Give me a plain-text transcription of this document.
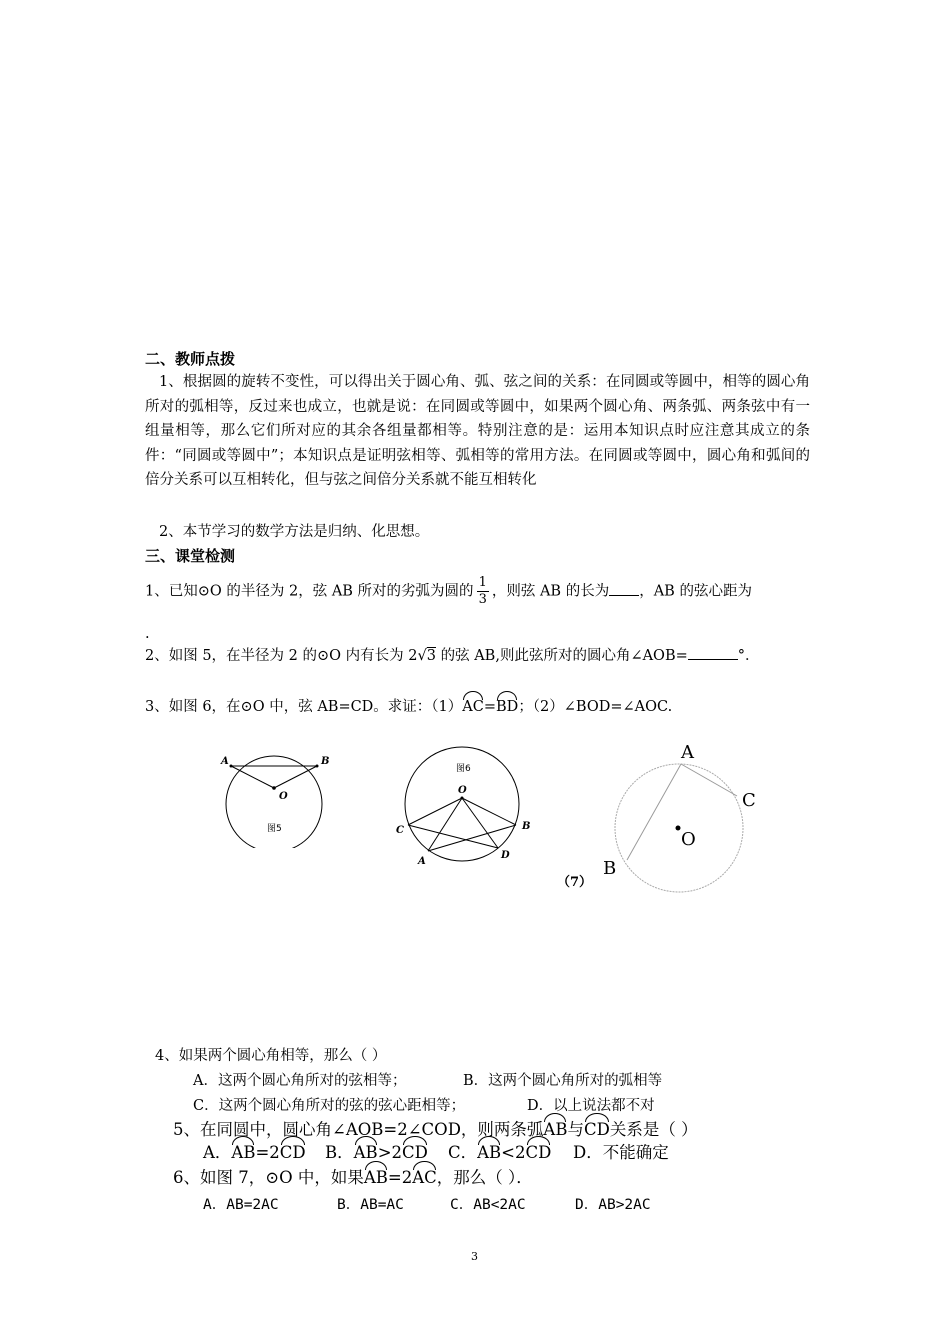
二、教师点拨
1、根据圆的旋转不变性，可以得出关于圆心角、弧、弦之间的关系：在同圆或等圆中，相等的圆心角所对的弧相等，反过来也成立，也就是说：在同圆或等圆中，如果两个圆心角、两条弧、两条弦中有一组量相等，那么它们所对应的其余各组量都相等。特别注意的是：运用本知识点时应注意其成立的条件：“同圆或等圆中”；本知识点是证明弦相等、弧相等的常用方法。在同圆或等圆中，圆心角和弧间的倍分关系可以互相转化，但与弦之间倍分关系就不能互相转化
2、本节学习的数学方法是归纳、化思想。
三、课堂检测
1、已知⊙O 的半径为 2，弦 AB 所对的劣弧为圆的 $\frac{1}{3}$ ，则弦 AB 的长为 ，AB 的弦心距为
.
2、如图 5，在半径为 2 的⊙O 内有长为 2√3 的弦 AB,则此弦所对的圆心角∠AOB=	°．
3、如图 6，在⊙O 中，弦 AB=CD。求证：（1）AC=BD；（2）∠BOD=∠AOC.
A	B
O
图5
图6
O
C	B
A
D
A
C
O
B
（7）
4、如果两个圆心角相等，那么（ ）
A．这两个圆心角所对的弦相等；	B．这两个圆心角所对的弧相等
C．这两个圆心角所对的弦的弦心距相等；	D．以上说法都不对
5、在同圆中，圆心角∠AOB=2∠COD，则两条弧AB与CD关系是（ ）
A．AB=2CD B．AB>2CD C．AB<2CD D．不能确定
6、如图 7，⊙O 中，如果AB=2AC，那么（ ）．
A．AB=2AC	B．AB=AC	C．AB<2AC	D．AB>2AC
3
